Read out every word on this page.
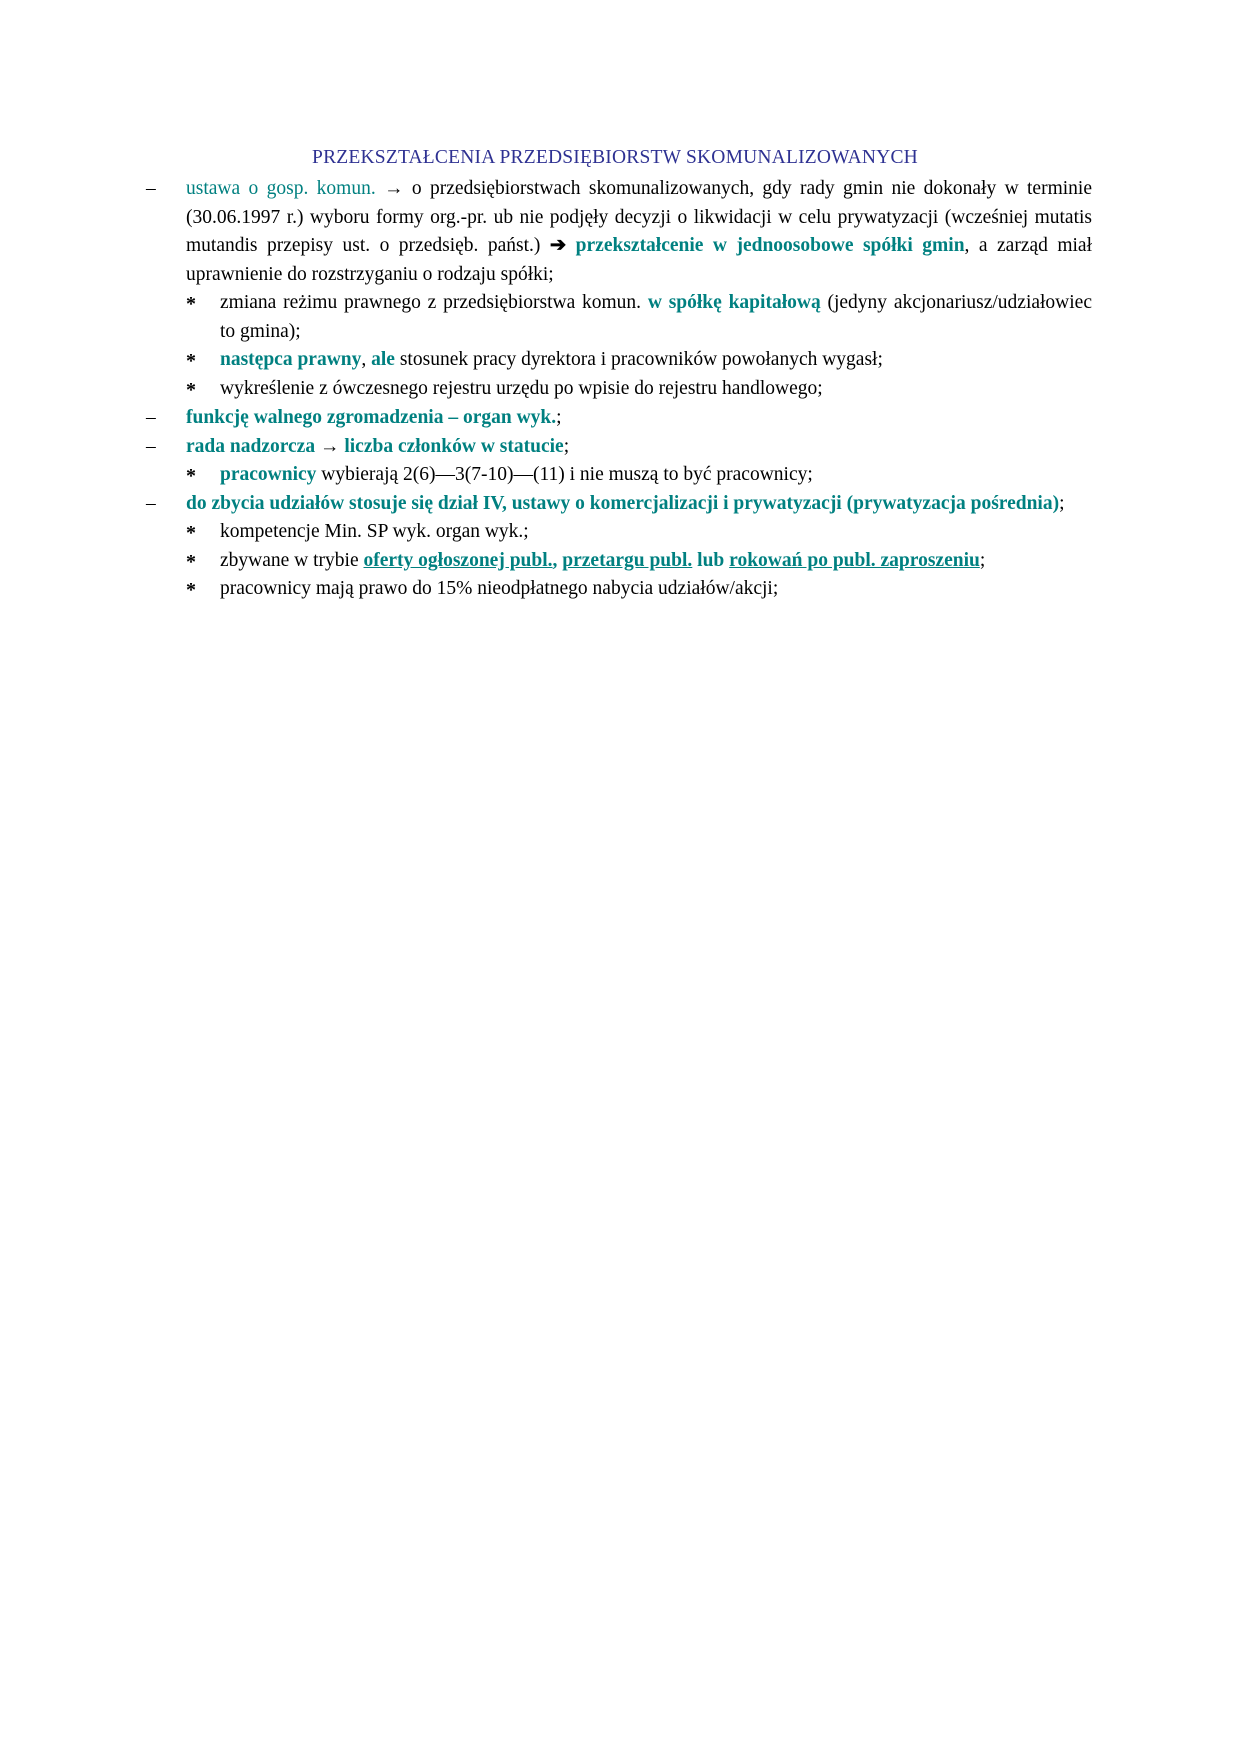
PRZEKSZTAŁCENIA PRZEDSIĘBIORSTW SKOMUNALIZOWANYCH
– ustawa o gosp. komun. → o przedsiębiorstwach skomunalizowanych, gdy rady gmin nie dokonały w terminie (30.06.1997 r.) wyboru formy org.-pr. ub nie podjęły decyzji o likwidacji w celu prywatyzacji (wcześniej mutatis mutandis przepisy ust. o przedsięb. państ.) ➔ przekształcenie w jednoosobowe spółki gmin, a zarząd miał uprawnienie do rozstrzyganiu o rodzaju spółki;
* zmiana reżimu prawnego z przedsiębiorstwa komun. w spółkę kapitałową (jedyny akcjonariusz/udziałowiec to gmina);
* następca prawny, ale stosunek pracy dyrektora i pracowników powołanych wygasł;
* wykreślenie z ówczesnego rejestru urzędu po wpisie do rejestru handlowego;
– funkcję walnego zgromadzenia – organ wyk.;
– rada nadzorcza → liczba członków w statucie;
* pracownicy wybierają 2(6)—3(7-10)—(11) i nie muszą to być pracownicy;
– do zbycia udziałów stosuje się dział IV, ustawy o komercjalizacji i prywatyzacji (prywatyzacja pośrednia);
* kompetencje Min. SP wyk. organ wyk.;
* zbywane w trybie oferty ogłoszonej publ., przetargu publ. lub rokowań po publ. zaproszeniu;
* pracownicy mają prawo do 15% nieodpłatnego nabycia udziałów/akcji;
